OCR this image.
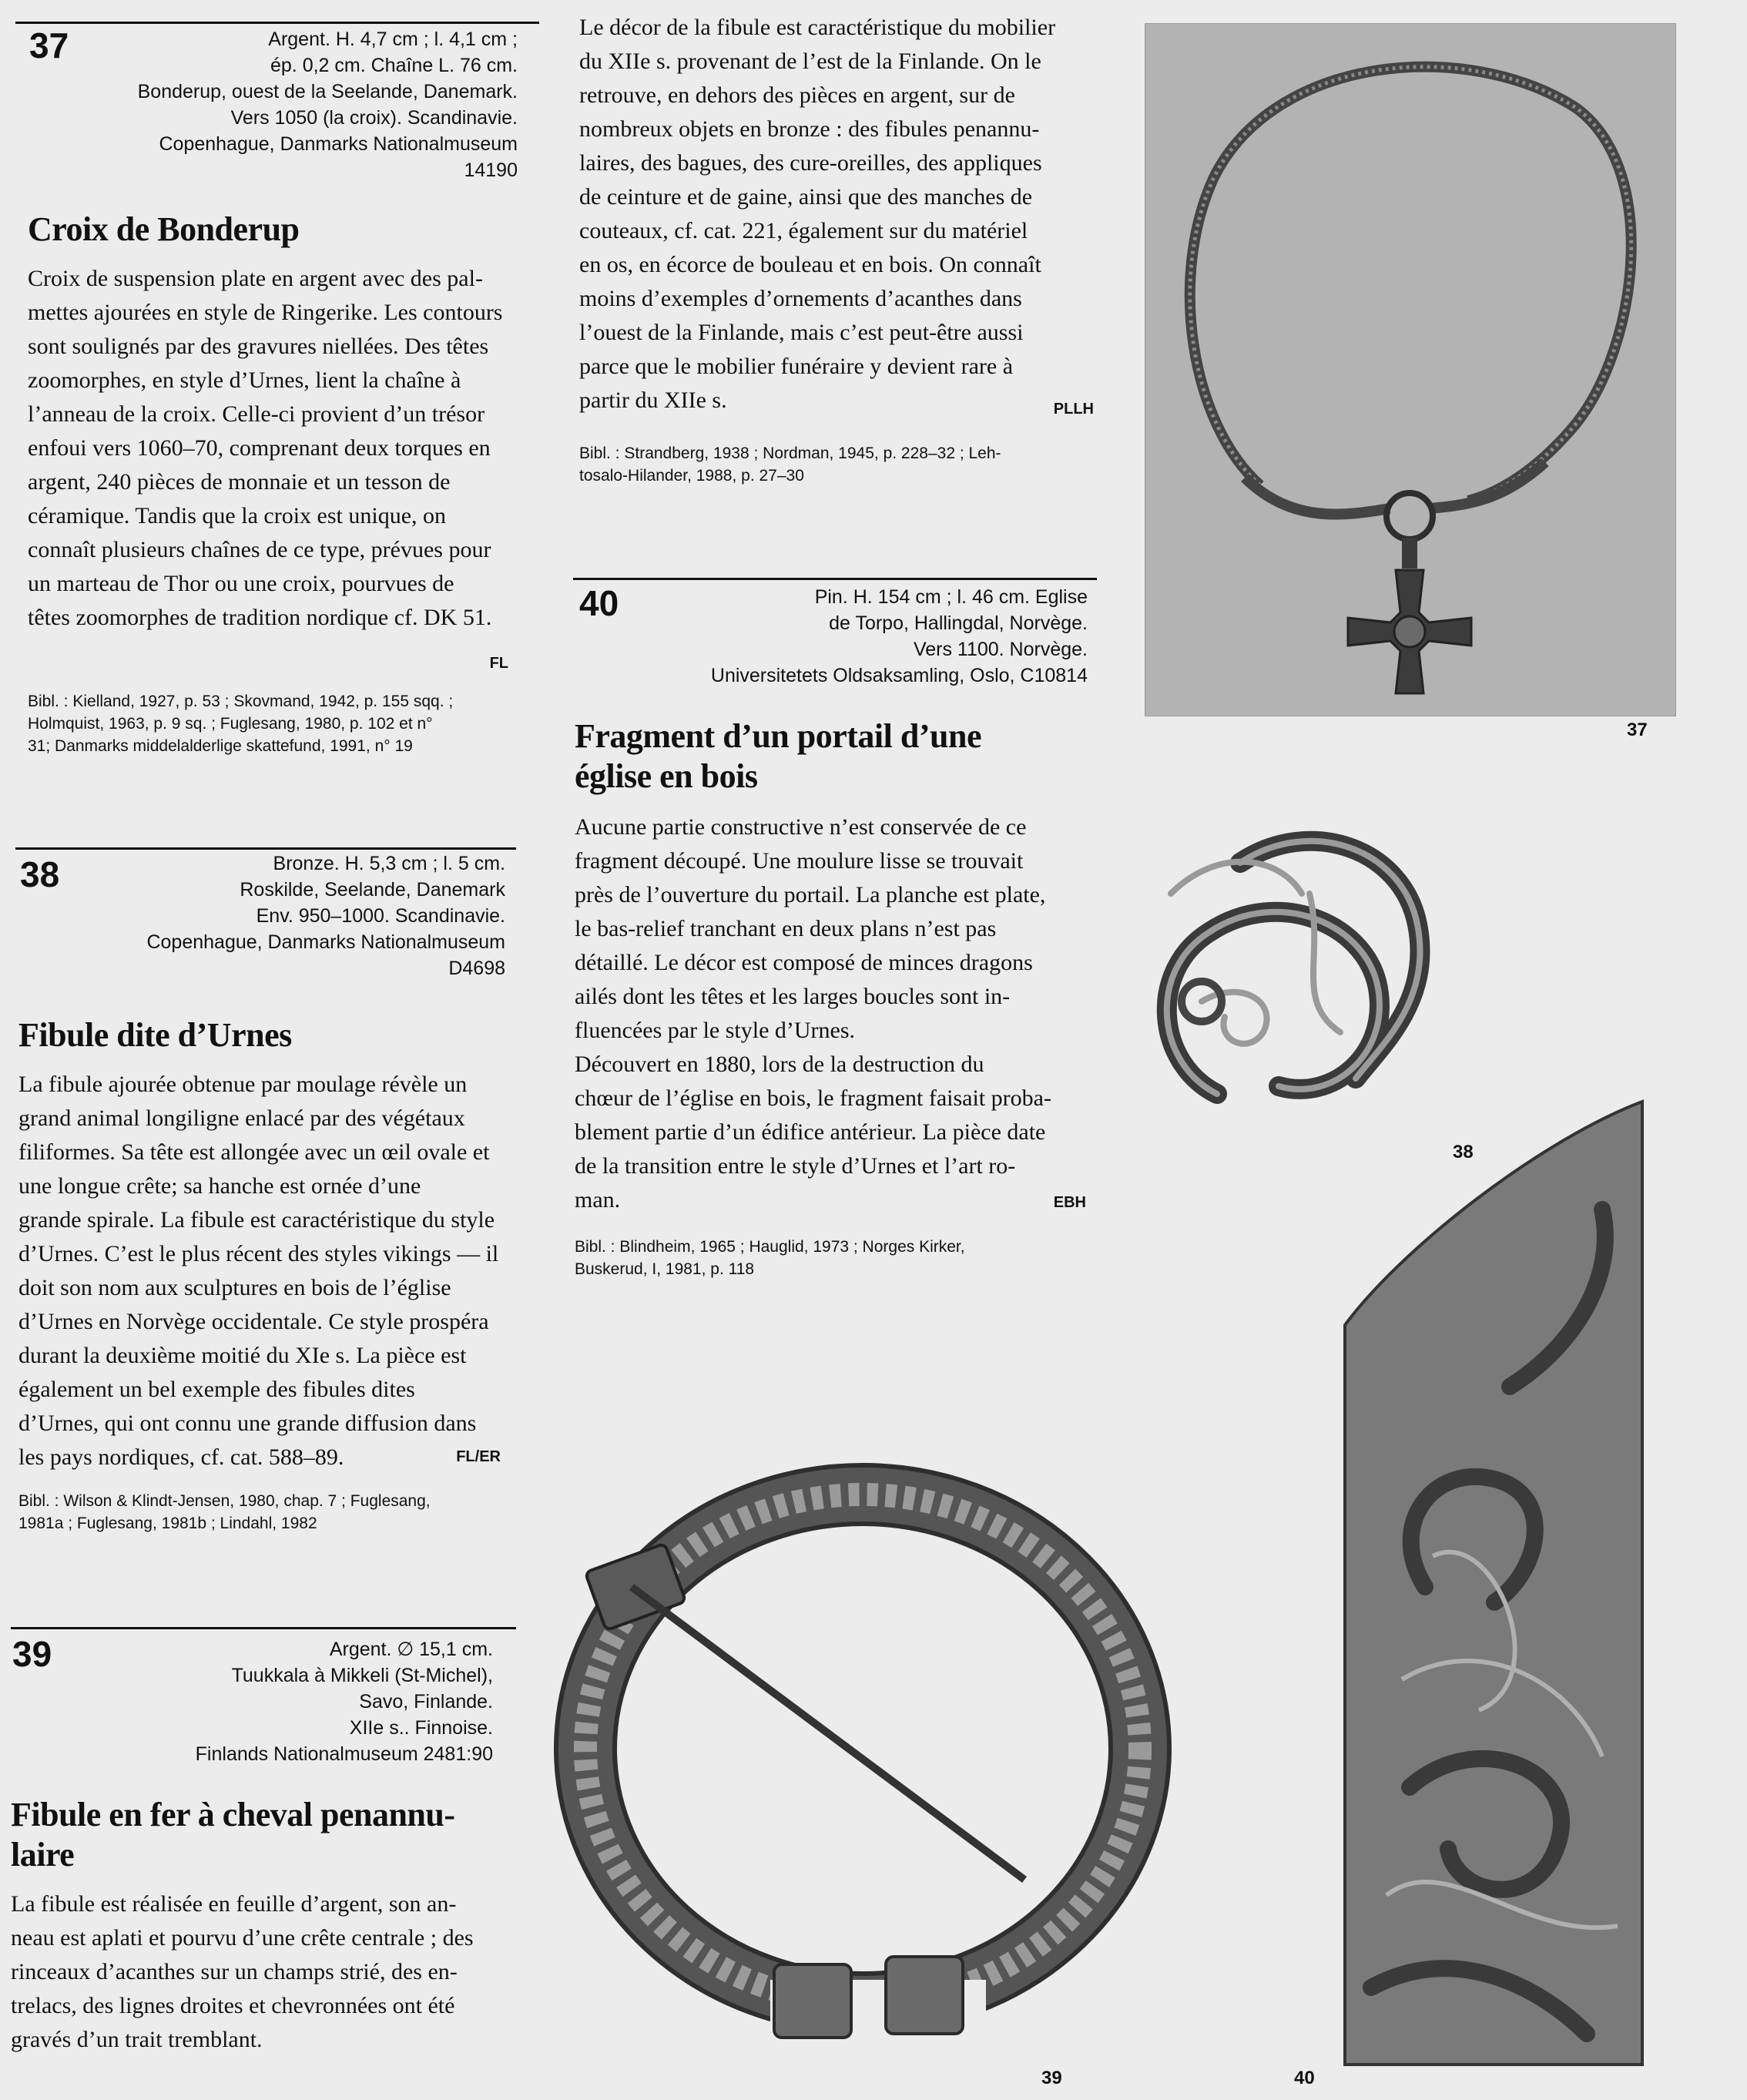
37	Argent. H. 4,7 cm ; l. 4,1 cm ;
ép. 0,2 cm. Chaîne L. 76 cm.
Bonderup, ouest de la Seelande, Danemark.
Vers 1050 (la croix). Scandinavie.
Copenhague, Danmarks Nationalmuseum
14190
Croix de Bonderup

Croix de suspension plate en argent avec des pal-

mettes ajourées en style de Ringerike. Les contours

sont soulignés par des gravures niellées. Des têtes

zoomorphes, en style d’Urnes, lient la chaîne à

l’anneau de la croix. Celle-ci provient d’un trésor

enfoui vers 1060–70, comprenant deux torques en

argent, 240 pièces de monnaie et un tesson de

céramique. Tandis que la croix est unique, on

connaît plusieurs chaînes de ce type, prévues pour

un marteau de Thor ou une croix, pourvues de

têtes zoomorphes de tradition nordique cf. DK 51.

FL
Bibl. : Kielland, 1927, p. 53 ; Skovmand, 1942, p. 155 sqq. ;
Holmquist, 1963, p. 9 sq. ; Fuglesang, 1980, p. 102 et n°
31; Danmarks middelalderlige skattefund, 1991, n° 19
38	Bronze. H. 5,3 cm ; l. 5 cm.
Roskilde, Seelande, Danemark
Env. 950–1000. Scandinavie.
Copenhague, Danmarks Nationalmuseum
D4698
Fibule dite d’Urnes

La fibule ajourée obtenue par moulage révèle un

grand animal longiligne enlacé par des végétaux

filiformes. Sa tête est allongée avec un œil ovale et

une longue crête; sa hanche est ornée d’une

grande spirale. La fibule est caractéristique du style

d’Urnes. C’est le plus récent des styles vikings — il

doit son nom aux sculptures en bois de l’église

d’Urnes en Norvège occidentale. Ce style prospéra

durant la deuxième moitié du XIe s. La pièce est

également un bel exemple des fibules dites

d’Urnes, qui ont connu une grande diffusion dans

les pays nordiques, cf. cat. 588–89.	FL/ER
Bibl. : Wilson & Klindt-Jensen, 1980, chap. 7 ; Fuglesang,
1981a ; Fuglesang, 1981b ; Lindahl, 1982
39	Argent. ∅ 15,1 cm.
Tuukkala à Mikkeli (St-Michel),
Savo, Finlande.
XIIe s.. Finnoise.
Finlands Nationalmuseum 2481:90
Fibule en fer à cheval penannu-
laire

La fibule est réalisée en feuille d’argent, son an-

neau est aplati et pourvu d’une crête centrale ; des

rinceaux d’acanthes sur un champs strié, des en-

trelacs, des lignes droites et chevronnées ont été

gravés d’un trait tremblant.

Le décor de la fibule est caractéristique du mobilier

du XIIe s. provenant de l’est de la Finlande. On le

retrouve, en dehors des pièces en argent, sur de

nombreux objets en bronze : des fibules penannu-

laires, des bagues, des cure-oreilles, des appliques

de ceinture et de gaine, ainsi que des manches de

couteaux, cf. cat. 221, également sur du matériel

en os, en écorce de bouleau et en bois. On connaît

moins d’exemples d’ornements d’acanthes dans

l’ouest de la Finlande, mais c’est peut-être aussi

parce que le mobilier funéraire y devient rare à

partir du XIIe s.	PLLH
Bibl. : Strandberg, 1938 ; Nordman, 1945, p. 228–32 ; Leh-
tosalo-Hilander, 1988, p. 27–30
40	Pin. H. 154 cm ; l. 46 cm. Eglise
de Torpo, Hallingdal, Norvège.
Vers 1100. Norvège.
Universitetets Oldsaksamling, Oslo, C10814
Fragment d’un portail d’une
église en bois

Aucune partie constructive n’est conservée de ce

fragment découpé. Une moulure lisse se trouvait

près de l’ouverture du portail. La planche est plate,

le bas-relief tranchant en deux plans n’est pas

détaillé. Le décor est composé de minces dragons

ailés dont les têtes et les larges boucles sont in-

fluencées par le style d’Urnes.

Découvert en 1880, lors de la destruction du

chœur de l’église en bois, le fragment faisait proba-

blement partie d’un édifice antérieur. La pièce date

de la transition entre le style d’Urnes et l’art ro-

man.	EBH
Bibl. : Blindheim, 1965 ; Hauglid, 1973 ; Norges Kirker,
Buskerud, I, 1981, p. 118
37
38
39	40
